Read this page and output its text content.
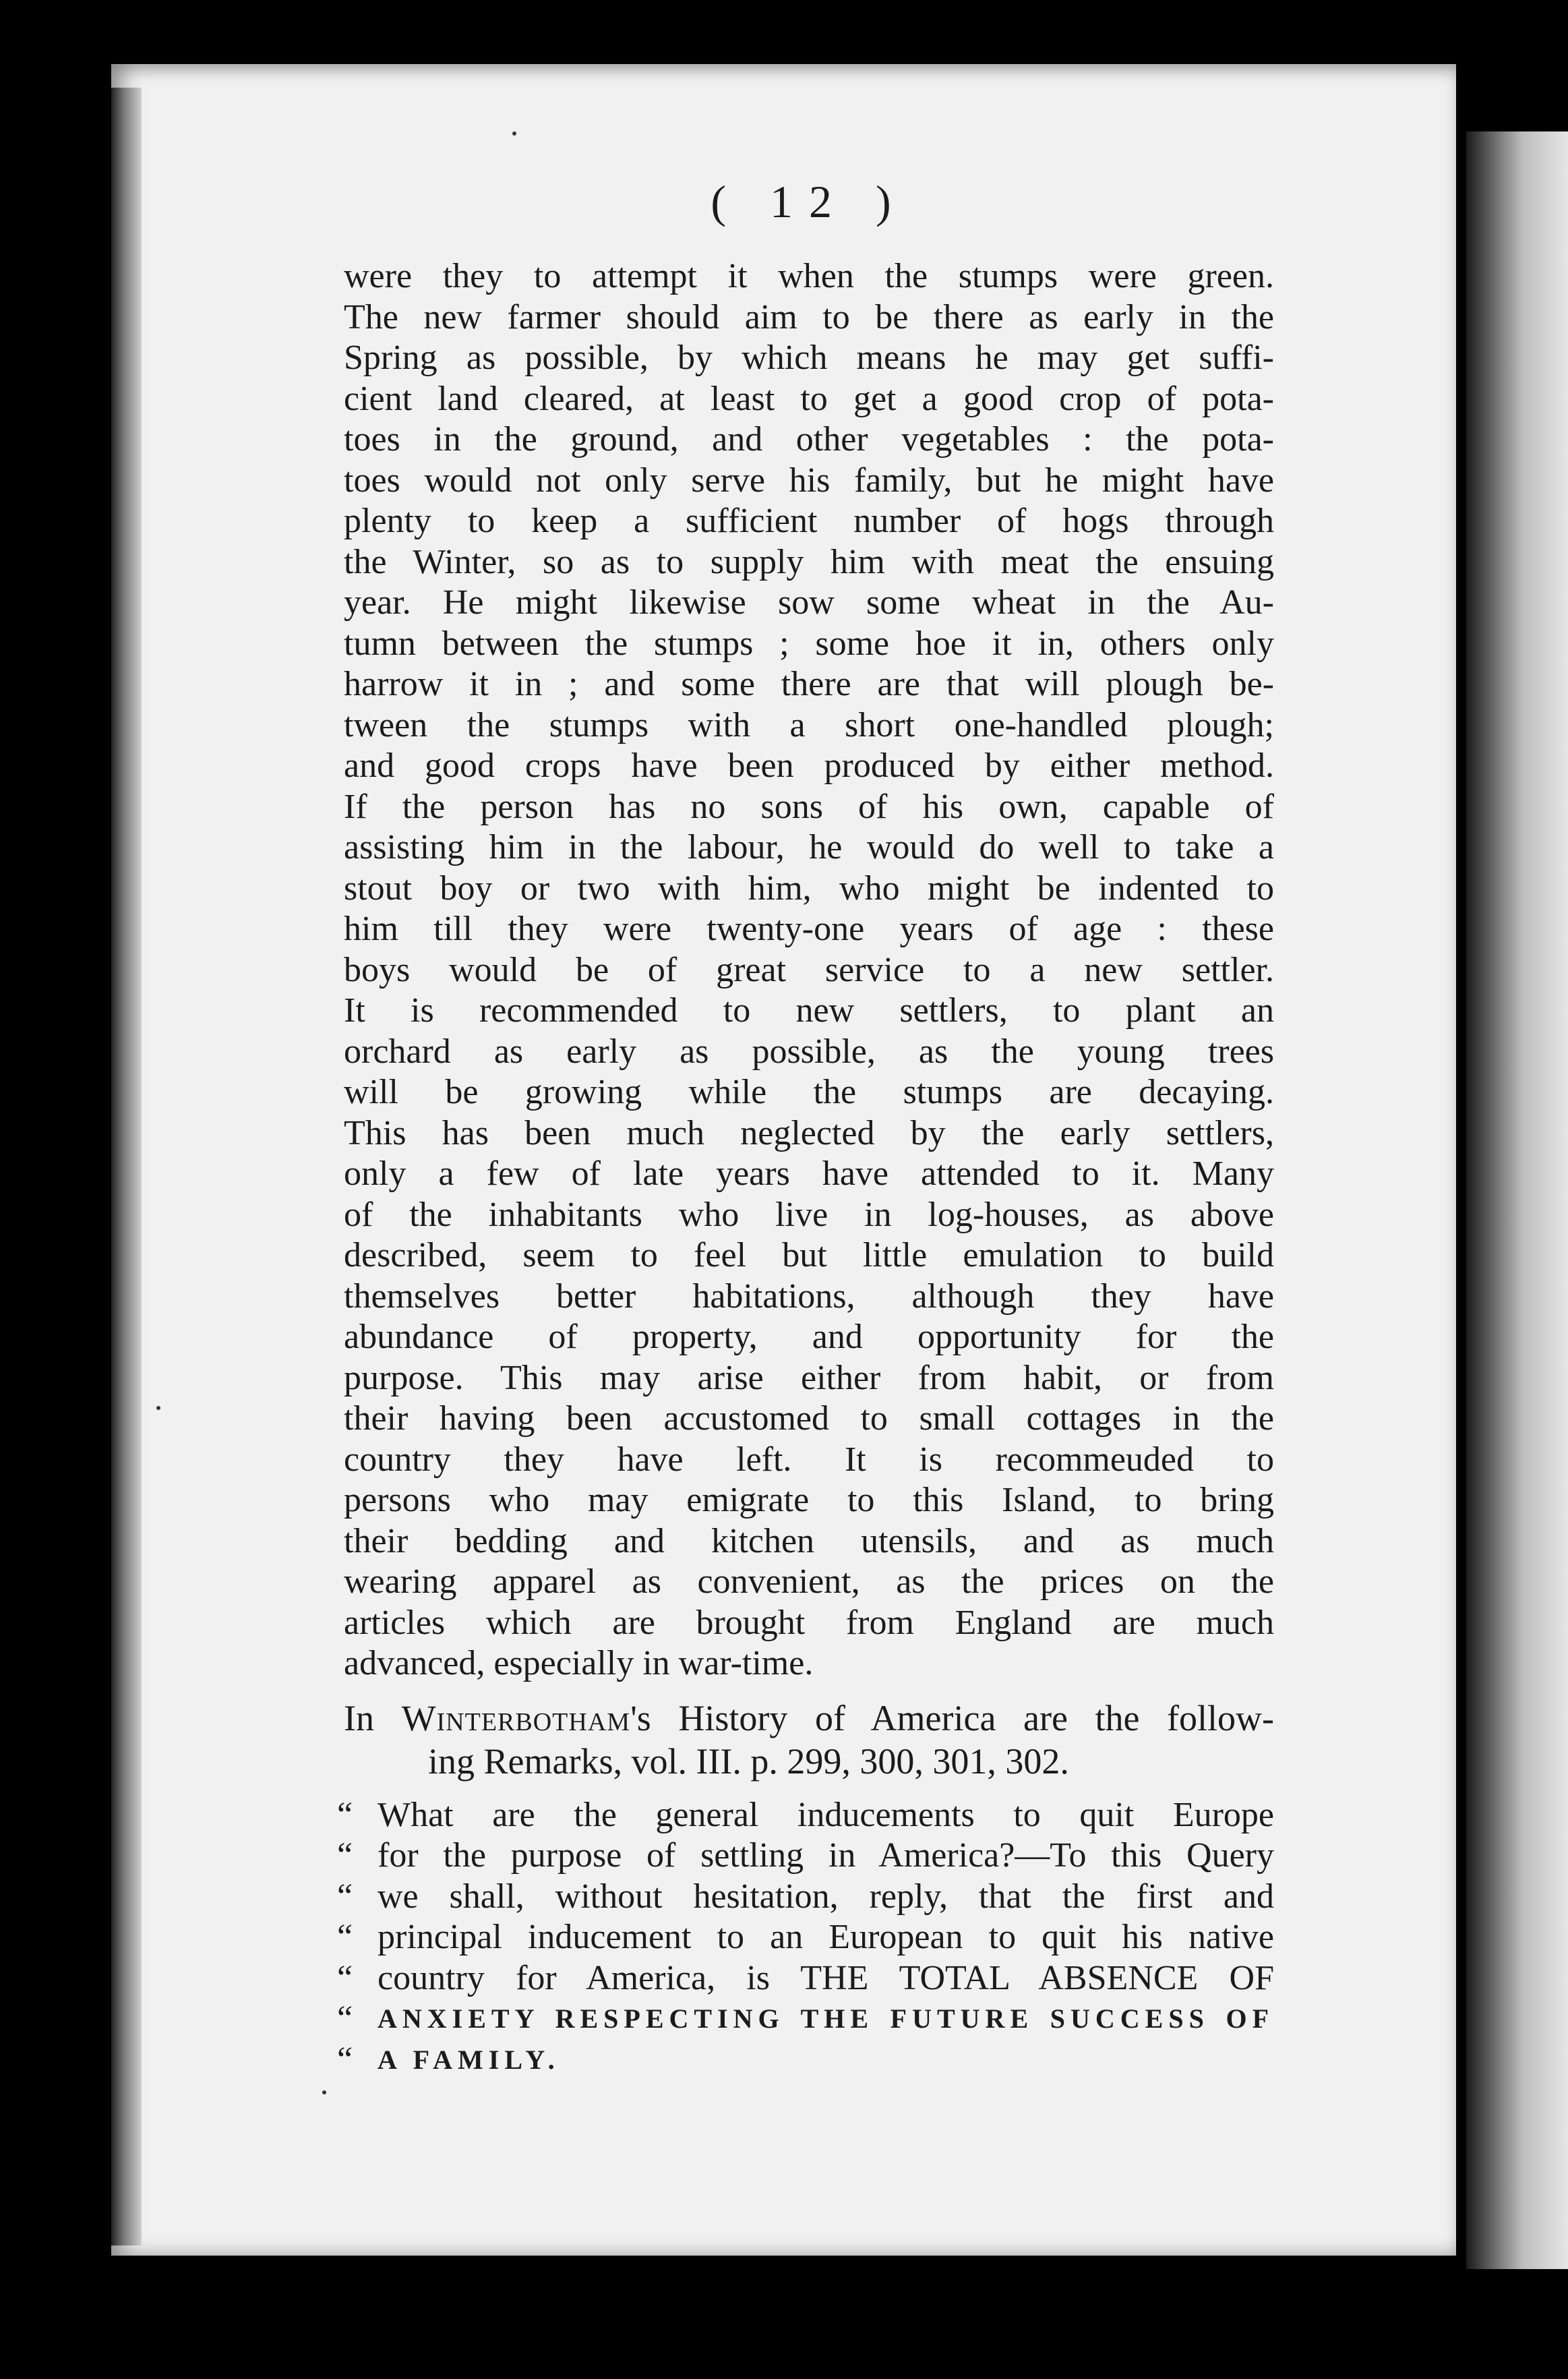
( 12 )
were they to attempt it when the stumps were green.
The new farmer should aim to be there as early in the
Spring as possible, by which means he may get suffi-
cient land cleared, at least to get a good crop of pota-
toes in the ground, and other vegetables : the pota-
toes would not only serve his family, but he might have
plenty to keep a sufficient number of hogs through
the Winter, so as to supply him with meat the ensuing
year. He might likewise sow some wheat in the Au-
tumn between the stumps ; some hoe it in, others only
harrow it in ; and some there are that will plough be-
tween the stumps with a short one-handled plough;
and good crops have been produced by either method.
If the person has no sons of his own, capable of
assisting him in the labour, he would do well to take a
stout boy or two with him, who might be indented to
him till they were twenty-one years of age : these
boys would be of great service to a new settler.
It is recommended to new settlers, to plant an
orchard as early as possible, as the young trees
will be growing while the stumps are decaying.
This has been much neglected by the early settlers,
only a few of late years have attended to it. Many
of the inhabitants who live in log-houses, as above
described, seem to feel but little emulation to build
themselves better habitations, although they have
abundance of property, and opportunity for the
purpose. This may arise either from habit, or from
their having been accustomed to small cottages in the
country they have left. It is recommeuded to
persons who may emigrate to this Island, to bring
their bedding and kitchen utensils, and as much
wearing apparel as convenient, as the prices on the
articles which are brought from England are much
advanced, especially in war-time.
In Winterbotham's History of America are the follow-
ing Remarks, vol. III. p. 299, 300, 301, 302.
“ What are the general inducements to quit Europe
“ for the purpose of settling in America?—To this Query
“ we shall, without hesitation, reply, that the first and
“ principal inducement to an European to quit his native
“ country for America, is THE TOTAL ABSENCE OF
“ ANXIETY RESPECTING THE FUTURE SUCCESS OF
“ A FAMILY.
